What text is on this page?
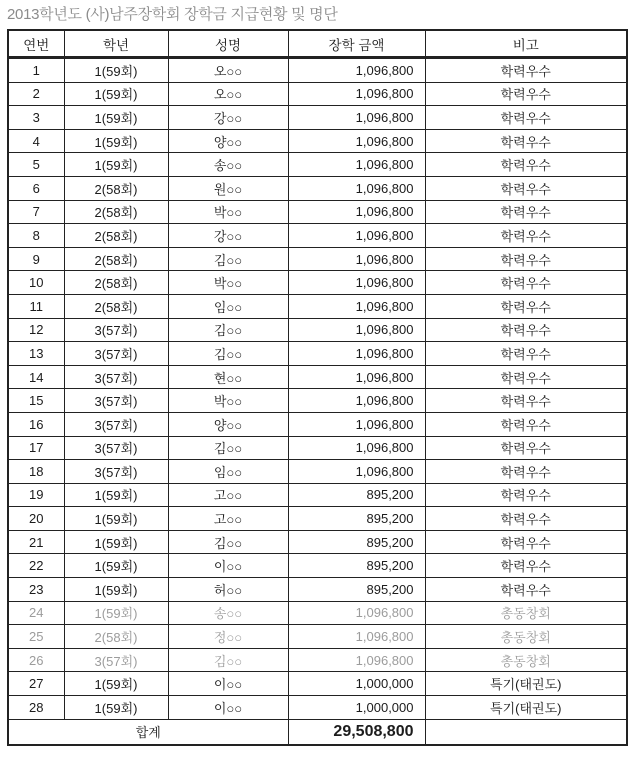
2013학년도 (사)남주장학회 장학금 지급현황 및 명단
연번	학년	성명	장학 금액	비고
1	1(59회)	오○○	1,096,800	학력우수
2	1(59회)	오○○	1,096,800	학력우수
3	1(59회)	강○○	1,096,800	학력우수
4	1(59회)	양○○	1,096,800	학력우수
5	1(59회)	송○○	1,096,800	학력우수
6	2(58회)	원○○	1,096,800	학력우수
7	2(58회)	박○○	1,096,800	학력우수
8	2(58회)	강○○	1,096,800	학력우수
9	2(58회)	김○○	1,096,800	학력우수
10	2(58회)	박○○	1,096,800	학력우수
11	2(58회)	임○○	1,096,800	학력우수
12	3(57회)	김○○	1,096,800	학력우수
13	3(57회)	김○○	1,096,800	학력우수
14	3(57회)	현○○	1,096,800	학력우수
15	3(57회)	박○○	1,096,800	학력우수
16	3(57회)	양○○	1,096,800	학력우수
17	3(57회)	김○○	1,096,800	학력우수
18	3(57회)	임○○	1,096,800	학력우수
19	1(59회)	고○○	895,200	학력우수
20	1(59회)	고○○	895,200	학력우수
21	1(59회)	김○○	895,200	학력우수
22	1(59회)	이○○	895,200	학력우수
23	1(59회)	허○○	895,200	학력우수
24	1(59회)	송○○	1,096,800	총동창회
25	2(58회)	정○○	1,096,800	총동창회
26	3(57회)	김○○	1,096,800	총동창회
27	1(59회)	이○○	1,000,000	특기(태권도)
28	1(59회)	이○○	1,000,000	특기(태권도)
합계			29,508,800	
